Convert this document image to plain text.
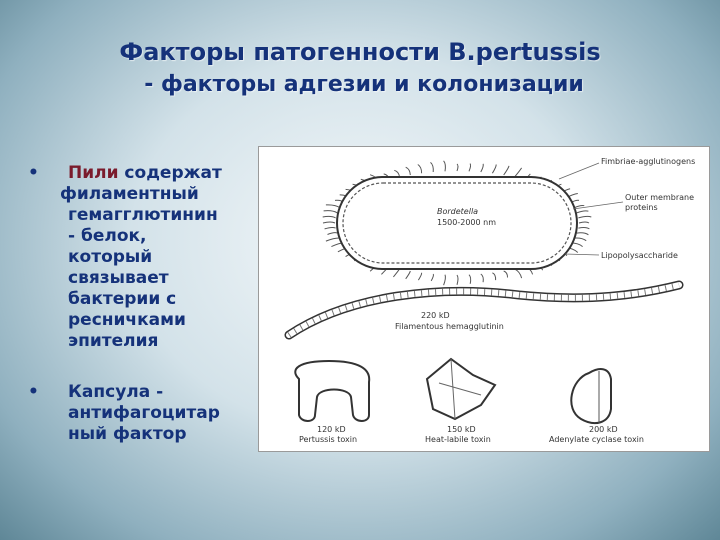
Факторы патогенности B.pertussis
- факторы адгезии и колонизации
• Пили содержат
филаментный
гемагглютинин
- белок,
который
связывает
бактерии с
ресничками
эпителия
• Капсула -
антифагоцитар
ный фактор
Bordetella
1500-2000 nm
Fimbriae-agglutinogens
Outer membrane
proteins
Lipopolysaccharide
220 kD
Filamentous hemagglutinin
120 kD
Pertussis toxin
150 kD
Heat-labile toxin
200 kD
Adenylate cyclase toxin
